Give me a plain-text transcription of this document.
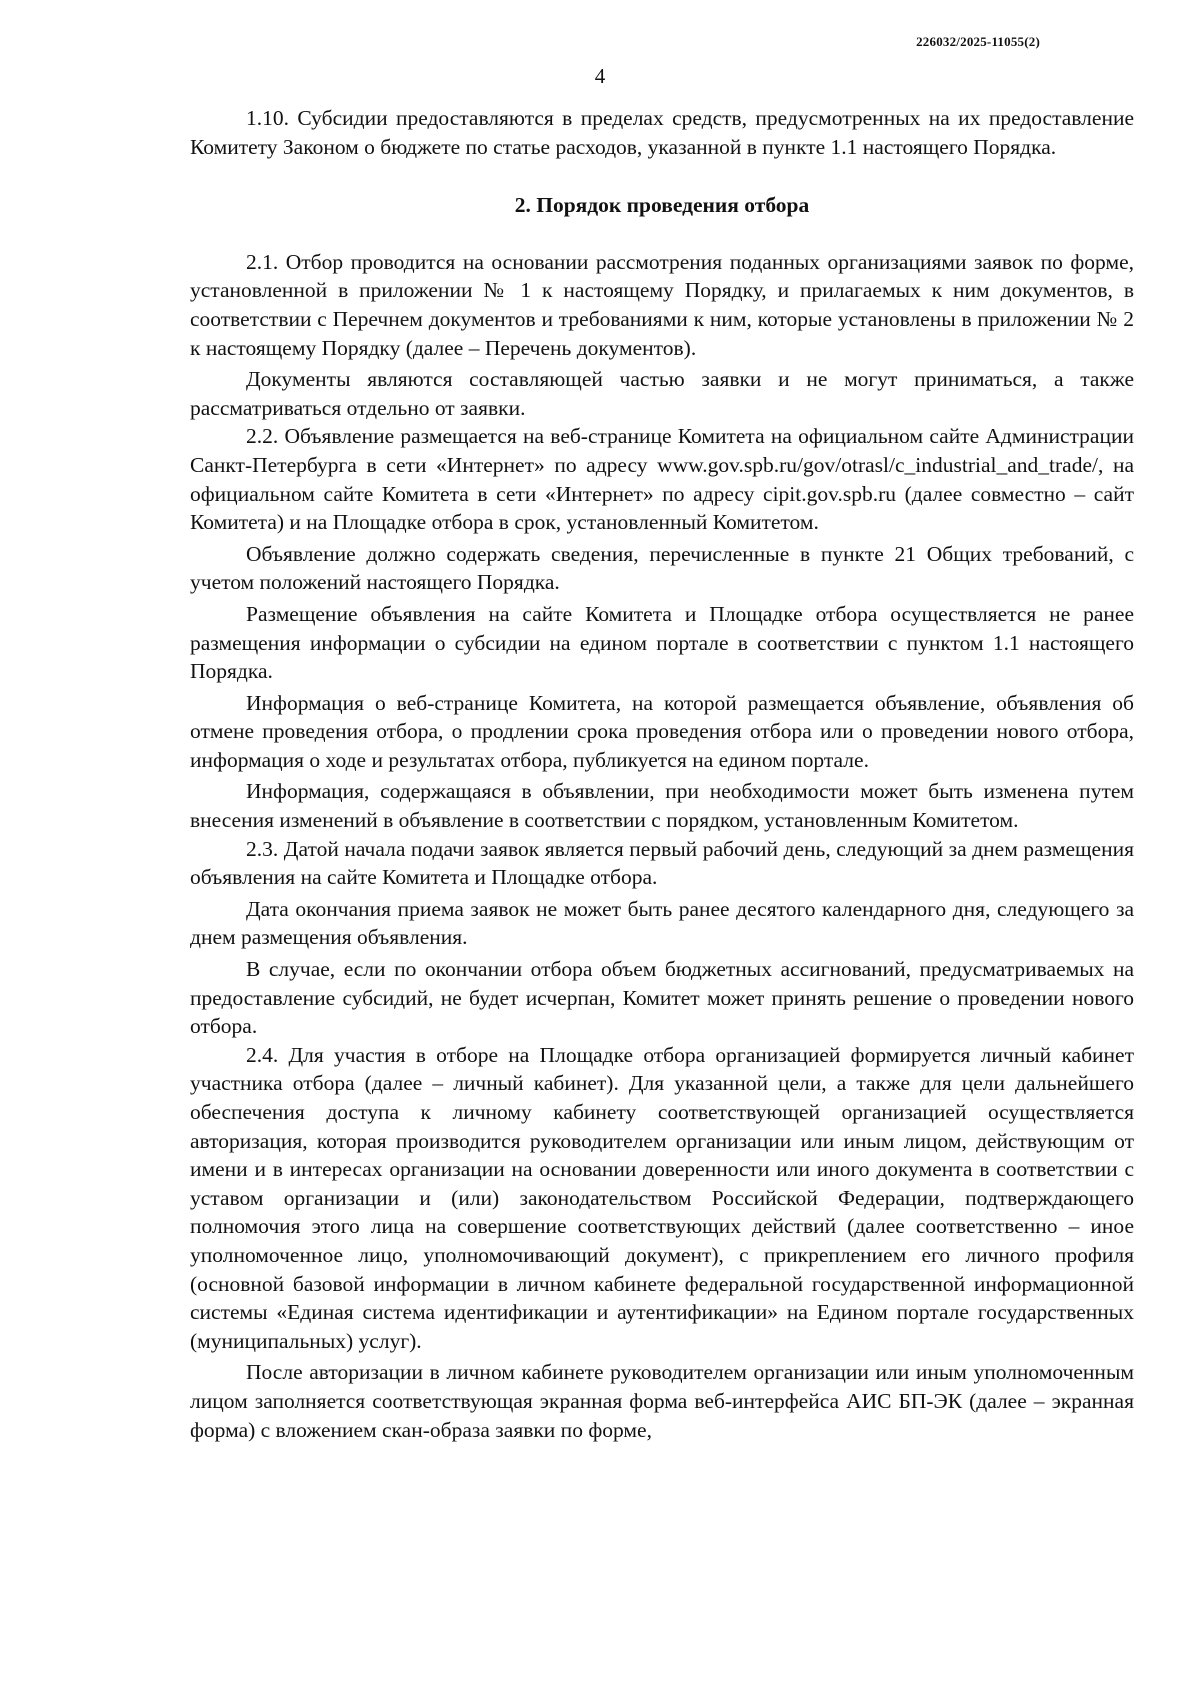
226032/2025-11055(2)
4

1.10. Субсидии предоставляются в пределах средств, предусмотренных на их предоставление Комитету Законом о бюджете по статье расходов, указанной в пункте 1.1 настоящего Порядка.

2. Порядок проведения отбора

2.1. Отбор проводится на основании рассмотрения поданных организациями заявок по форме, установленной в приложении № 1 к настоящему Порядку, и прилагаемых к ним документов, в соответствии с Перечнем документов и требованиями к ним, которые установлены в приложении № 2 к настоящему Порядку (далее – Перечень документов).

Документы являются составляющей частью заявки и не могут приниматься, а также рассматриваться отдельно от заявки.

2.2. Объявление размещается на веб-странице Комитета на официальном сайте Администрации Санкт-Петербурга в сети «Интернет» по адресу www.gov.spb.ru/gov/otrasl/c_industrial_and_trade/, на официальном сайте Комитета в сети «Интернет» по адресу cipit.gov.spb.ru (далее совместно – сайт Комитета) и на Площадке отбора в срок, установленный Комитетом.

Объявление должно содержать сведения, перечисленные в пункте 21 Общих требований, с учетом положений настоящего Порядка.

Размещение объявления на сайте Комитета и Площадке отбора осуществляется не ранее размещения информации о субсидии на едином портале в соответствии с пунктом 1.1 настоящего Порядка.

Информация о веб-странице Комитета, на которой размещается объявление, объявления об отмене проведения отбора, о продлении срока проведения отбора или о проведении нового отбора, информация о ходе и результатах отбора, публикуется на едином портале.

Информация, содержащаяся в объявлении, при необходимости может быть изменена путем внесения изменений в объявление в соответствии с порядком, установленным Комитетом.

2.3. Датой начала подачи заявок является первый рабочий день, следующий за днем размещения объявления на сайте Комитета и Площадке отбора.

Дата окончания приема заявок не может быть ранее десятого календарного дня, следующего за днем размещения объявления.

В случае, если по окончании отбора объем бюджетных ассигнований, предусматриваемых на предоставление субсидий, не будет исчерпан, Комитет может принять решение о проведении нового отбора.

2.4. Для участия в отборе на Площадке отбора организацией формируется личный кабинет участника отбора (далее – личный кабинет). Для указанной цели, а также для цели дальнейшего обеспечения доступа к личному кабинету соответствующей организацией осуществляется авторизация, которая производится руководителем организации или иным лицом, действующим от имени и в интересах организации на основании доверенности или иного документа в соответствии с уставом организации и (или) законодательством Российской Федерации, подтверждающего полномочия этого лица на совершение соответствующих действий (далее соответственно – иное уполномоченное лицо, уполномочивающий документ), с прикреплением его личного профиля (основной базовой информации в личном кабинете федеральной государственной информационной системы «Единая система идентификации и аутентификации» на Едином портале государственных (муниципальных) услуг).

После авторизации в личном кабинете руководителем организации или иным уполномоченным лицом заполняется соответствующая экранная форма веб-интерфейса АИС БП-ЭК (далее – экранная форма) с вложением скан-образа заявки по форме,
